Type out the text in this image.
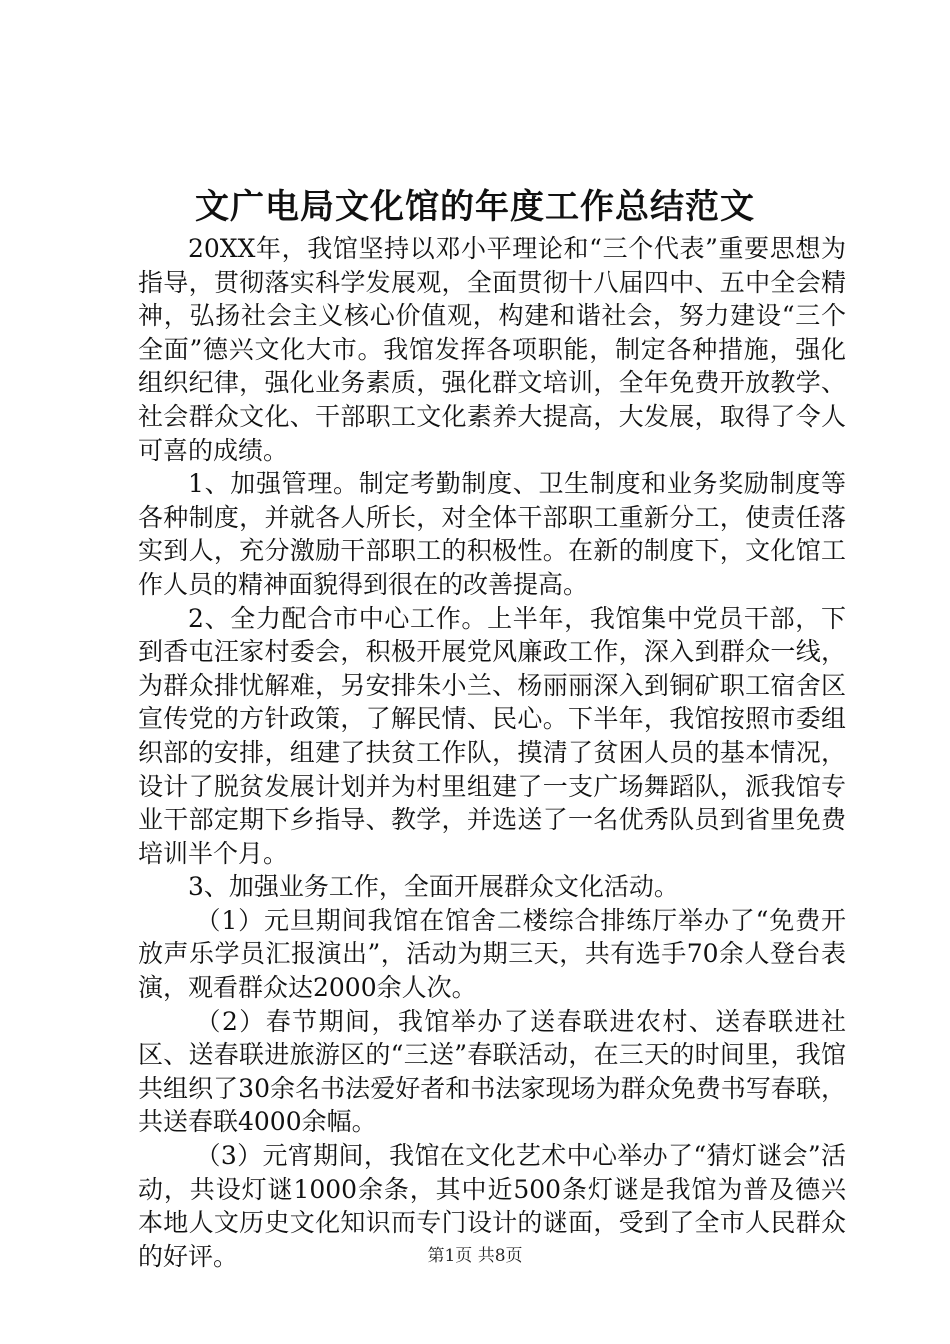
文广电局文化馆的年度工作总结范文

20XX年，我馆坚持以邓小平理论和“三个代表”重要思想为指导，贯彻落实科学发展观，全面贯彻十八届四中、五中全会精神，弘扬社会主义核心价值观，构建和谐社会，努力建设“三个全面”德兴文化大市。我馆发挥各项职能，制定各种措施，强化组织纪律，强化业务素质，强化群文培训，全年免费开放教学、社会群众文化、干部职工文化素养大提高，大发展，取得了令人可喜的成绩。

1、加强管理。制定考勤制度、卫生制度和业务奖励制度等各种制度，并就各人所长，对全体干部职工重新分工，使责任落实到人，充分激励干部职工的积极性。在新的制度下，文化馆工作人员的精神面貌得到很在的改善提高。

2、全力配合市中心工作。上半年，我馆集中党员干部，下到香屯汪家村委会，积极开展党风廉政工作，深入到群众一线，为群众排忧解难，另安排朱小兰、杨丽丽深入到铜矿职工宿舍区宣传党的方针政策，了解民情、民心。下半年，我馆按照市委组织部的安排，组建了扶贫工作队，摸清了贫困人员的基本情况，设计了脱贫发展计划并为村里组建了一支广场舞蹈队，派我馆专业干部定期下乡指导、教学，并选送了一名优秀队员到省里免费培训半个月。

3、加强业务工作，全面开展群众文化活动。

（1）元旦期间我馆在馆舍二楼综合排练厅举办了“免费开放声乐学员汇报演出”，活动为期三天，共有选手70余人登台表演，观看群众达2000余人次。

（2）春节期间，我馆举办了送春联进农村、送春联进社区、送春联进旅游区的“三送”春联活动，在三天的时间里，我馆共组织了30余名书法爱好者和书法家现场为群众免费书写春联，共送春联4000余幅。

（3）元宵期间，我馆在文化艺术中心举办了“猜灯谜会”活动，共设灯谜1000余条，其中近500条灯谜是我馆为普及德兴本地人文历史文化知识而专门设计的谜面，受到了全市人民群众的好评。	第1页 共8页
